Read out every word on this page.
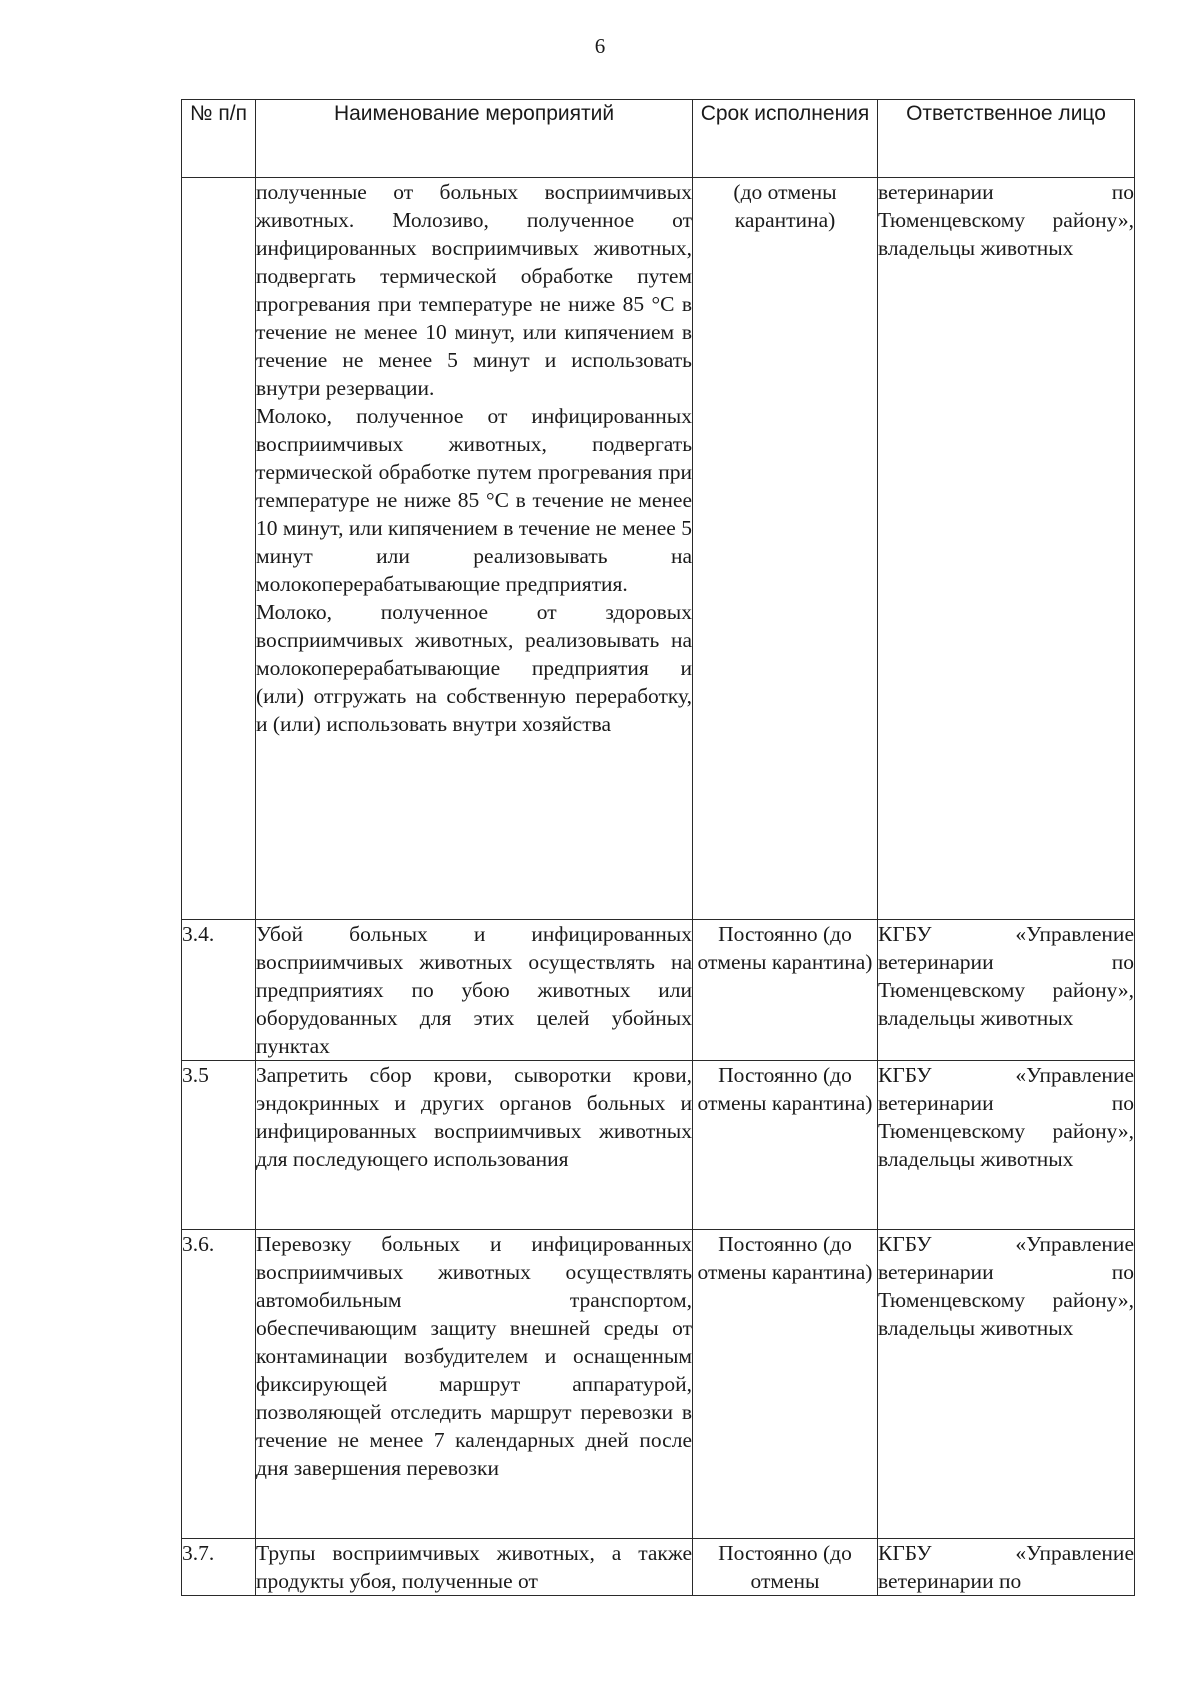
6
№ п/п	Наименование мероприятий	Срок исполнения	Ответственное лицо

	полученные от больных восприимчивых животных. Молозиво, полученное от инфицированных восприимчивых животных, подвергать термической обработке путем прогревания при температуре не ниже 85 °С в течение не менее 10 минут, или кипячением в течение не менее 5 минут и использовать внутри резервации.
Молоко, полученное от инфицированных восприимчивых животных, подвергать термической обработке путем прогревания при температуре не ниже 85 °С в течение не менее 10 минут, или кипячением в течение не менее 5 минут или реализовывать на молокоперерабатывающие предприятия.
Молоко, полученное от здоровых восприимчивых животных, реализовывать на молокоперерабатывающие предприятия и (или) отгружать на собственную переработку, и (или) использовать внутри хозяйства	(до отмены карантина)	ветеринарии по Тюменцевскому району», владельцы животных
3.4.	Убой больных и инфицированных восприимчивых животных осуществлять на предприятиях по убою животных или оборудованных для этих целей убойных пунктах	Постоянно (до отмены карантина)	КГБУ «Управление ветеринарии по Тюменцевскому району», владельцы животных
3.5	Запретить сбор крови, сыворотки крови, эндокринных и других органов больных и инфицированных восприимчивых животных для последующего использования	Постоянно (до отмены карантина)	КГБУ «Управление ветеринарии по Тюменцевскому району», владельцы животных
3.6.	Перевозку больных и инфицированных восприимчивых животных осуществлять автомобильным транспортом, обеспечивающим защиту внешней среды от контаминации возбудителем и оснащенным фиксирующей маршрут аппаратурой, позволяющей отследить маршрут перевозки в течение не менее 7 календарных дней после дня завершения перевозки	Постоянно (до отмены карантина)	КГБУ «Управление ветеринарии по Тюменцевскому району», владельцы животных
3.7.	Трупы восприимчивых животных, а также продукты убоя, полученные от	Постоянно (до отмены	КГБУ «Управление ветеринарии по
